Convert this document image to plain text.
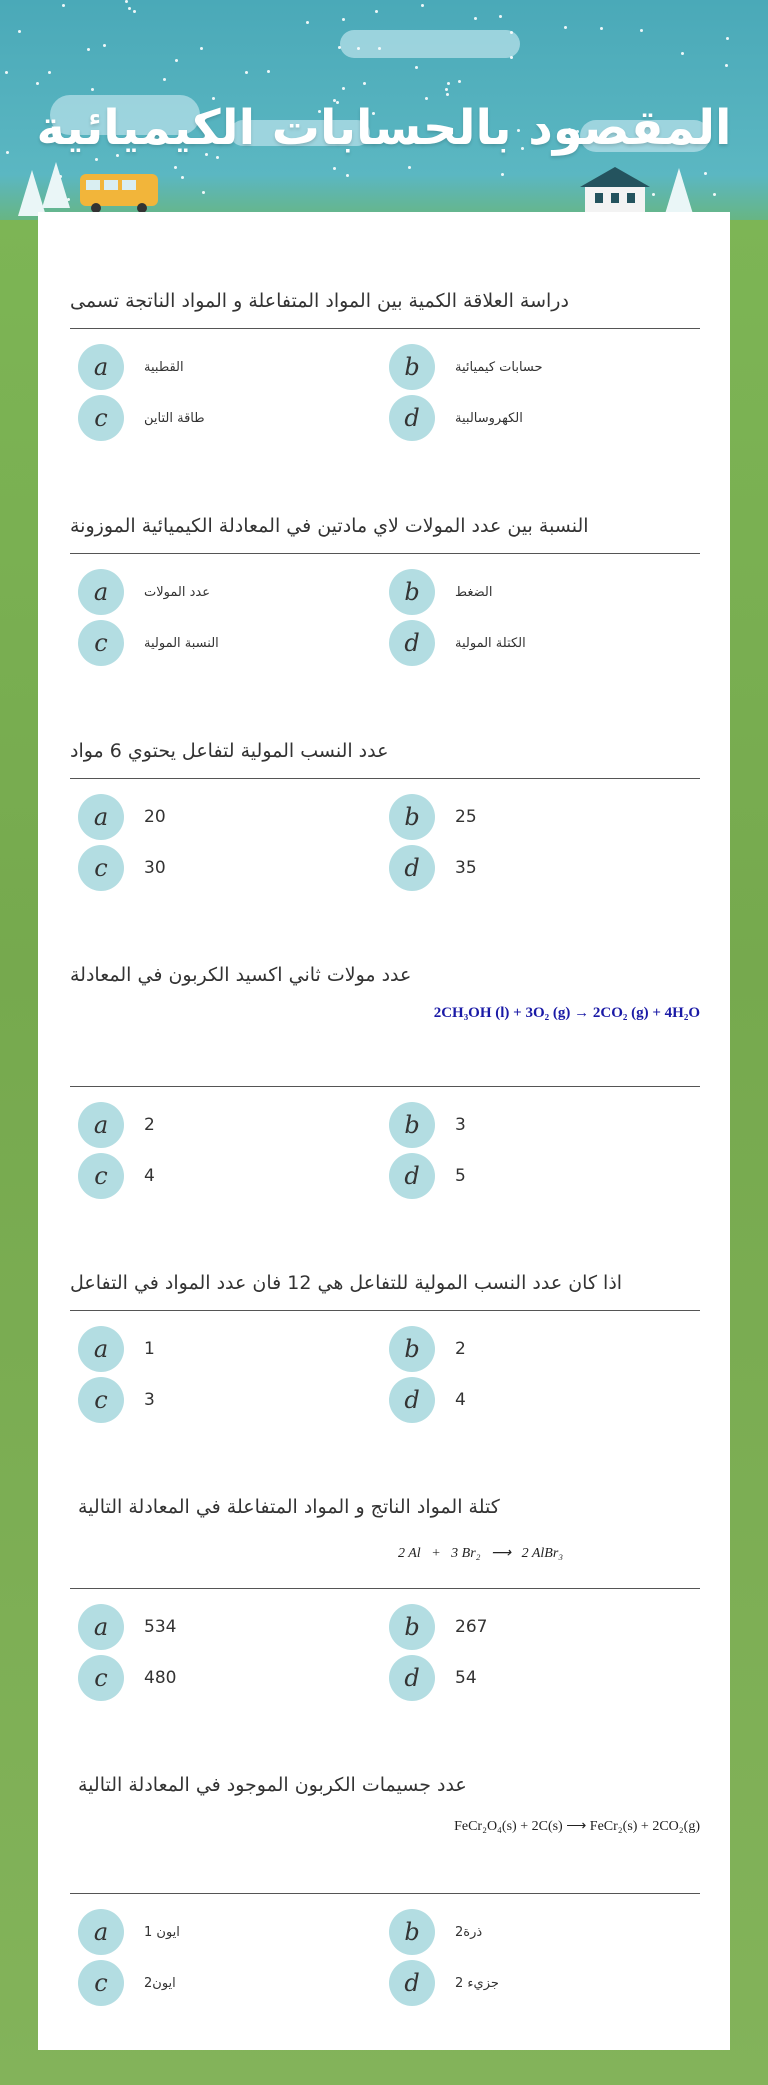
المقصود بالحسابات الكيميائية
دراسة العلاقة الكمية بين المواد المتفاعلة و المواد الناتجة تسمى
a	القطبية	b	حسابات كيميائية
c	طاقة التاين	d	الكهروسالبية
النسبة بين عدد المولات لاي مادتين في المعادلة الكيميائية الموزونة
a	عدد المولات	b	الضغط
c	النسبة المولية	d	الكتلة المولية
عدد النسب المولية لتفاعل يحتوي 6 مواد
a	20	b	25
c	30	d	35
عدد مولات ثاني اكسيد الكربون في المعادلة
2CH₃OH (l) + 3O₂ (g) → 2CO₂ (g) + 4H₂O
a	2	b	3
c	4	d	5
اذا كان عدد النسب المولية للتفاعل هي 12 فان عدد المواد في التفاعل
a	1	b	2
c	3	d	4
كتلة المواد الناتج و المواد المتفاعلة في المعادلة التالية
2 Al   +   3 Br₂   ⟶   2 AlBr₃
a	534	b	267
c	480	d	54
عدد جسيمات الكربون الموجود في المعادلة التالية
FeCr₂O₄(s) + 2C(s) ⟶ FeCr₂(s) + 2CO₂(g)
a	ايون 1	b	ذرة2
c	ايون2	d	جزيء 2
